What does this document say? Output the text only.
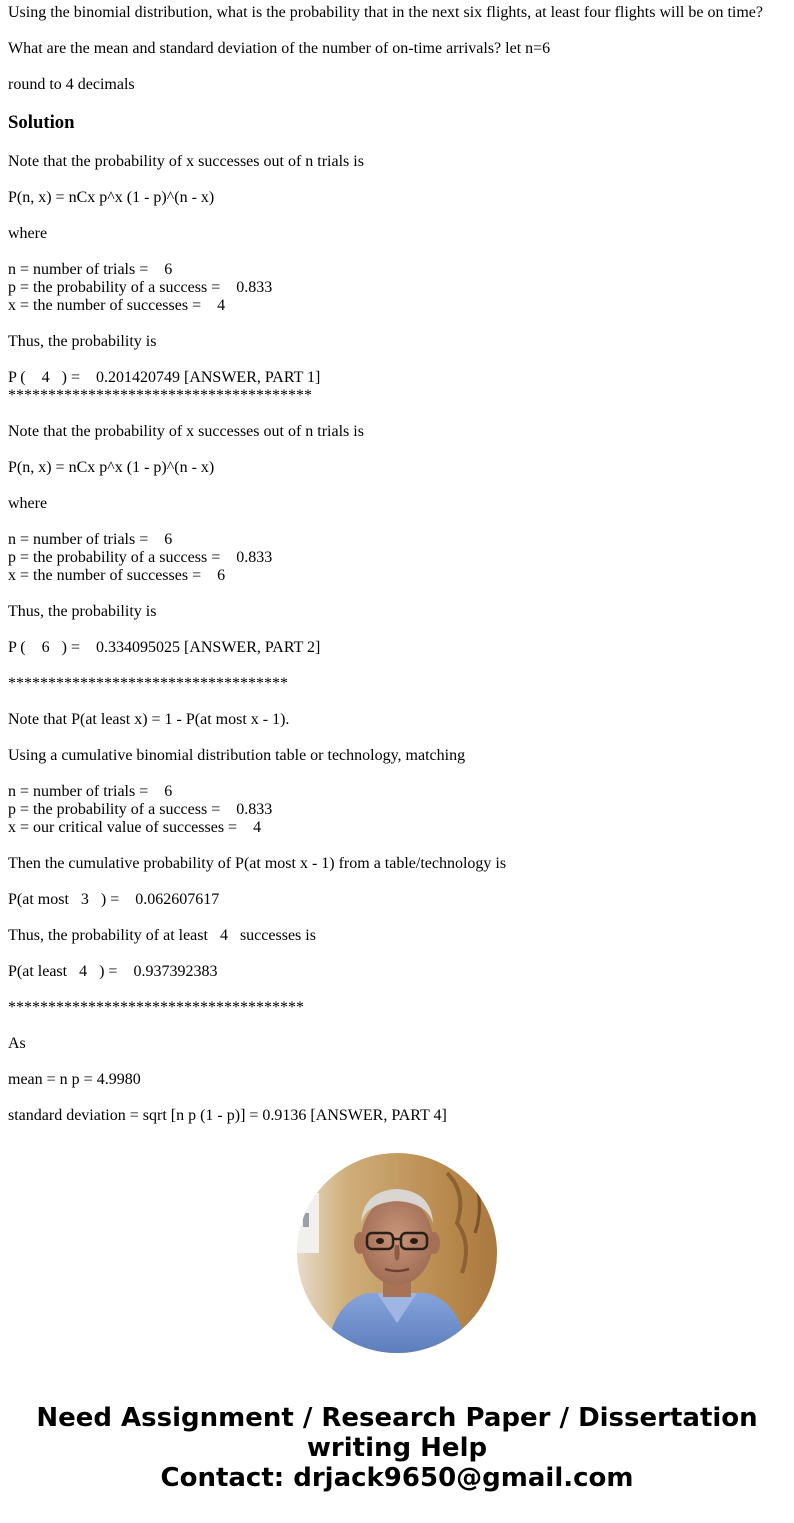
Using the binomial distribution, what is the probability that in the next six flights, at least four flights will be on time?

What are the mean and standard deviation of the number of on-time arrivals? let n=6

round to 4 decimals

Solution

Note that the probability of x successes out of n trials is

P(n, x) = nCx p^x (1 - p)^(n - x)

where

n = number of trials =    6

p = the probability of a success =    0.833

x = the number of successes =    4

Thus, the probability is

P (    4   ) =    0.201420749 [ANSWER, PART 1]

**************************************

Note that the probability of x successes out of n trials is

P(n, x) = nCx p^x (1 - p)^(n - x)

where

n = number of trials =    6

p = the probability of a success =    0.833

x = the number of successes =    6

Thus, the probability is

P (    6   ) =    0.334095025 [ANSWER, PART 2]

***********************************

Note that P(at least x) = 1 - P(at most x - 1).

Using a cumulative binomial distribution table or technology, matching

n = number of trials =    6

p = the probability of a success =    0.833

x = our critical value of successes =    4

Then the cumulative probability of P(at most x - 1) from a table/technology is

P(at most   3   ) =    0.062607617

Thus, the probability of at least   4   successes is

P(at least   4   ) =    0.937392383

*************************************

As

mean = n p = 4.9980

standard deviation = sqrt [n p (1 - p)] = 0.9136 [ANSWER, PART 4]

Need Assignment / Research Paper / Dissertation
writing Help
Contact: drjack9650@gmail.com
